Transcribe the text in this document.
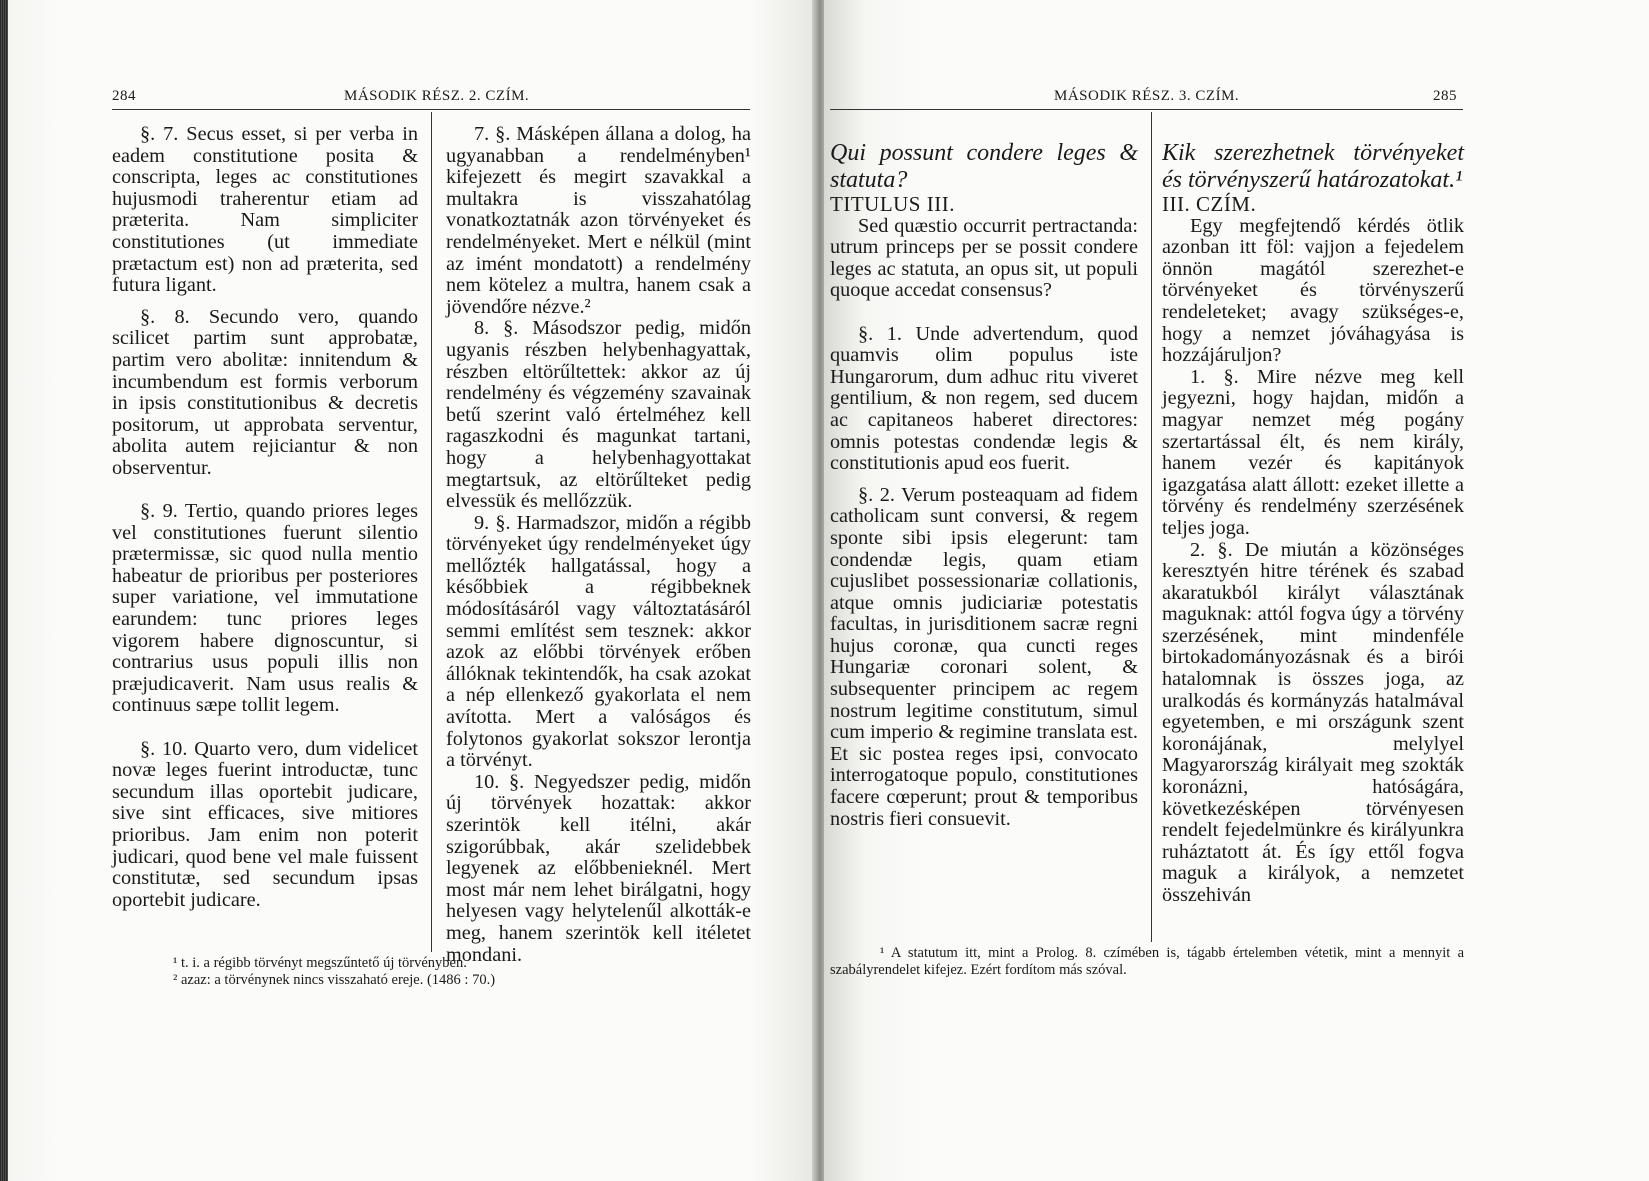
284	MÁSODIK RÉSZ. 2. CZÍM.

§. 7. Secus esset, si per verba in eadem constitutione posita & conscripta, leges ac constitutiones hujusmodi traherentur etiam ad præterita. Nam simpliciter constitutiones (ut immediate prætactum est) non ad præterita, sed futura ligant.

§. 8. Secundo vero, quando scilicet partim sunt approbatæ, partim vero abolitæ: innitendum & incumbendum est formis verborum in ipsis constitutionibus & decretis positorum, ut approbata serventur, abolita autem rejiciantur & non observentur.

§. 9. Tertio, quando priores leges vel constitutiones fuerunt silentio prætermissæ, sic quod nulla mentio habeatur de prioribus per posteriores super variatione, vel immutatione earundem: tunc priores leges vigorem habere dignoscuntur, si contrarius usus populi illis non præjudicaverit. Nam usus realis & continuus sæpe tollit legem.

§. 10. Quarto vero, dum videlicet novæ leges fuerint introductæ, tunc secundum illas oportebit judicare, sive sint efficaces, sive mitiores prioribus. Jam enim non poterit judicari, quod bene vel male fuissent constitutæ, sed secundum ipsas oportebit judicare.

7. §. Másképen állana a dolog, ha ugyanabban a rendelményben¹ kifejezett és megirt szavakkal a multakra is visszahatólag vonatkoztatnák azon törvényeket és rendelményeket. Mert e nélkül (mint az imént mondatott) a rendelmény nem kötelez a multra, hanem csak a jövendőre nézve.²

8. §. Másodszor pedig, midőn ugyanis részben helybenhagyattak, részben eltörűltettek: akkor az új rendelmény és végzemény szavainak betű szerint való értelméhez kell ragaszkodni és magunkat tartani, hogy a helybenhagyottakat megtartsuk, az eltörűlteket pedig elvessük és mellőzzük.

9. §. Harmadszor, midőn a régibb törvényeket úgy rendelményeket úgy mellőzték hallgatással, hogy a későbbiek a régibbeknek módosításáról vagy változtatásáról semmi említést sem tesznek: akkor azok az előbbi törvények erőben állóknak tekintendők, ha csak azokat a nép ellenkező gyakorlata el nem avította. Mert a valóságos és folytonos gyakorlat sokszor lerontja a törvényt.

10. §. Negyedszer pedig, midőn új törvények hozattak: akkor szerintök kell itélni, akár szigorúbbak, akár szelidebbek legyenek az előbbenieknél. Mert most már nem lehet birálgatni, hogy helyesen vagy helytelenűl alkották-e meg, hanem szerintök kell itéletet mondani.

¹ t. i. a régibb törvényt megszűntető új törvényben.

² azaz: a törvénynek nincs visszaható ereje. (1486 : 70.)

MÁSODIK RÉSZ. 3. CZÍM.	285

Qui possunt condere leges & statuta?

TITULUS III.

Sed quæstio occurrit pertractanda: utrum princeps per se possit condere leges ac statuta, an opus sit, ut populi quoque accedat consensus?

§. 1. Unde advertendum, quod quamvis olim populus iste Hungarorum, dum adhuc ritu viveret gentilium, & non regem, sed ducem ac capitaneos haberet directores: omnis potestas condendæ legis & constitutionis apud eos fuerit.

§. 2. Verum posteaquam ad fidem catholicam sunt conversi, & regem sponte sibi ipsis elegerunt: tam condendæ legis, quam etiam cujuslibet possessionariæ collationis, atque omnis judiciariæ potestatis facultas, in jurisditionem sacræ regni hujus coronæ, qua cuncti reges Hungariæ coronari solent, & subsequenter principem ac regem nostrum legitime constitutum, simul cum imperio & regimine translata est. Et sic postea reges ipsi, convocato interrogatoque populo, constitutiones facere cœperunt; prout & temporibus nostris fieri consuevit.

Kik szerezhetnek törvényeket és törvényszerű határozatokat.¹

III. CZÍM.

Egy megfejtendő kérdés ötlik azonban itt föl: vajjon a fejedelem önnön magától szerezhet-e törvényeket és törvényszerű rendeleteket; avagy szükséges-e, hogy a nemzet jóváhagyása is hozzájáruljon?

1. §. Mire nézve meg kell jegyezni, hogy hajdan, midőn a magyar nemzet még pogány szertartással élt, és nem király, hanem vezér és kapitányok igazgatása alatt állott: ezeket illette a törvény és rendelmény szerzésének teljes joga.

2. §. De miután a közönséges keresztyén hitre térének és szabad akaratukból királyt választának maguknak: attól fogva úgy a törvény szerzésének, mint mindenféle birtokadományozásnak és a birói hatalomnak is összes joga, az uralkodás és kormányzás hatalmával egyetemben, e mi országunk szent koronájának, melylyel Magyarország királyait meg szokták koronázni, hatóságára, következésképen törvényesen rendelt fejedelmünkre és királyunkra ruháztatott át. És így ettől fogva maguk a királyok, a nemzetet összehiván

¹ A statutum itt, mint a Prolog. 8. czímében is, tágabb értelemben vétetik, mint a mennyit a szabályrendelet kifejez. Ezért fordítom más szóval.
